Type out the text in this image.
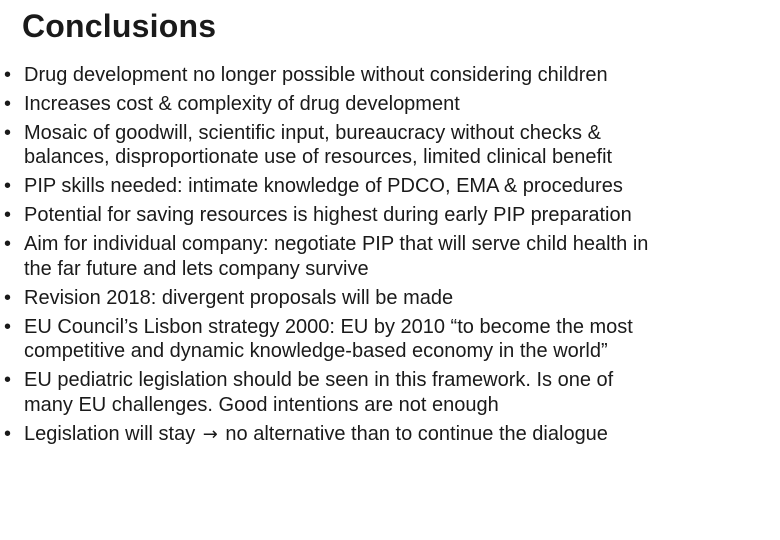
Conclusions
• Drug development no longer possible without considering children
• Increases cost & complexity of drug development
• Mosaic of goodwill, scientific input, bureaucracy without checks &
balances, disproportionate use of resources, limited clinical benefit
• PIP skills needed: intimate knowledge of PDCO, EMA & procedures
• Potential for saving resources is highest during early PIP preparation
• Aim for individual company: negotiate PIP that will serve child health in
the far future and lets company survive
• Revision 2018: divergent proposals will be made
• EU Council’s Lisbon strategy 2000: EU by 2010 “to become the most
competitive and dynamic knowledge-based economy in the world”
• EU pediatric legislation should be seen in this framework. Is one of
many EU challenges. Good intentions are not enough
• Legislation will stay → no alternative than to continue the dialogue
